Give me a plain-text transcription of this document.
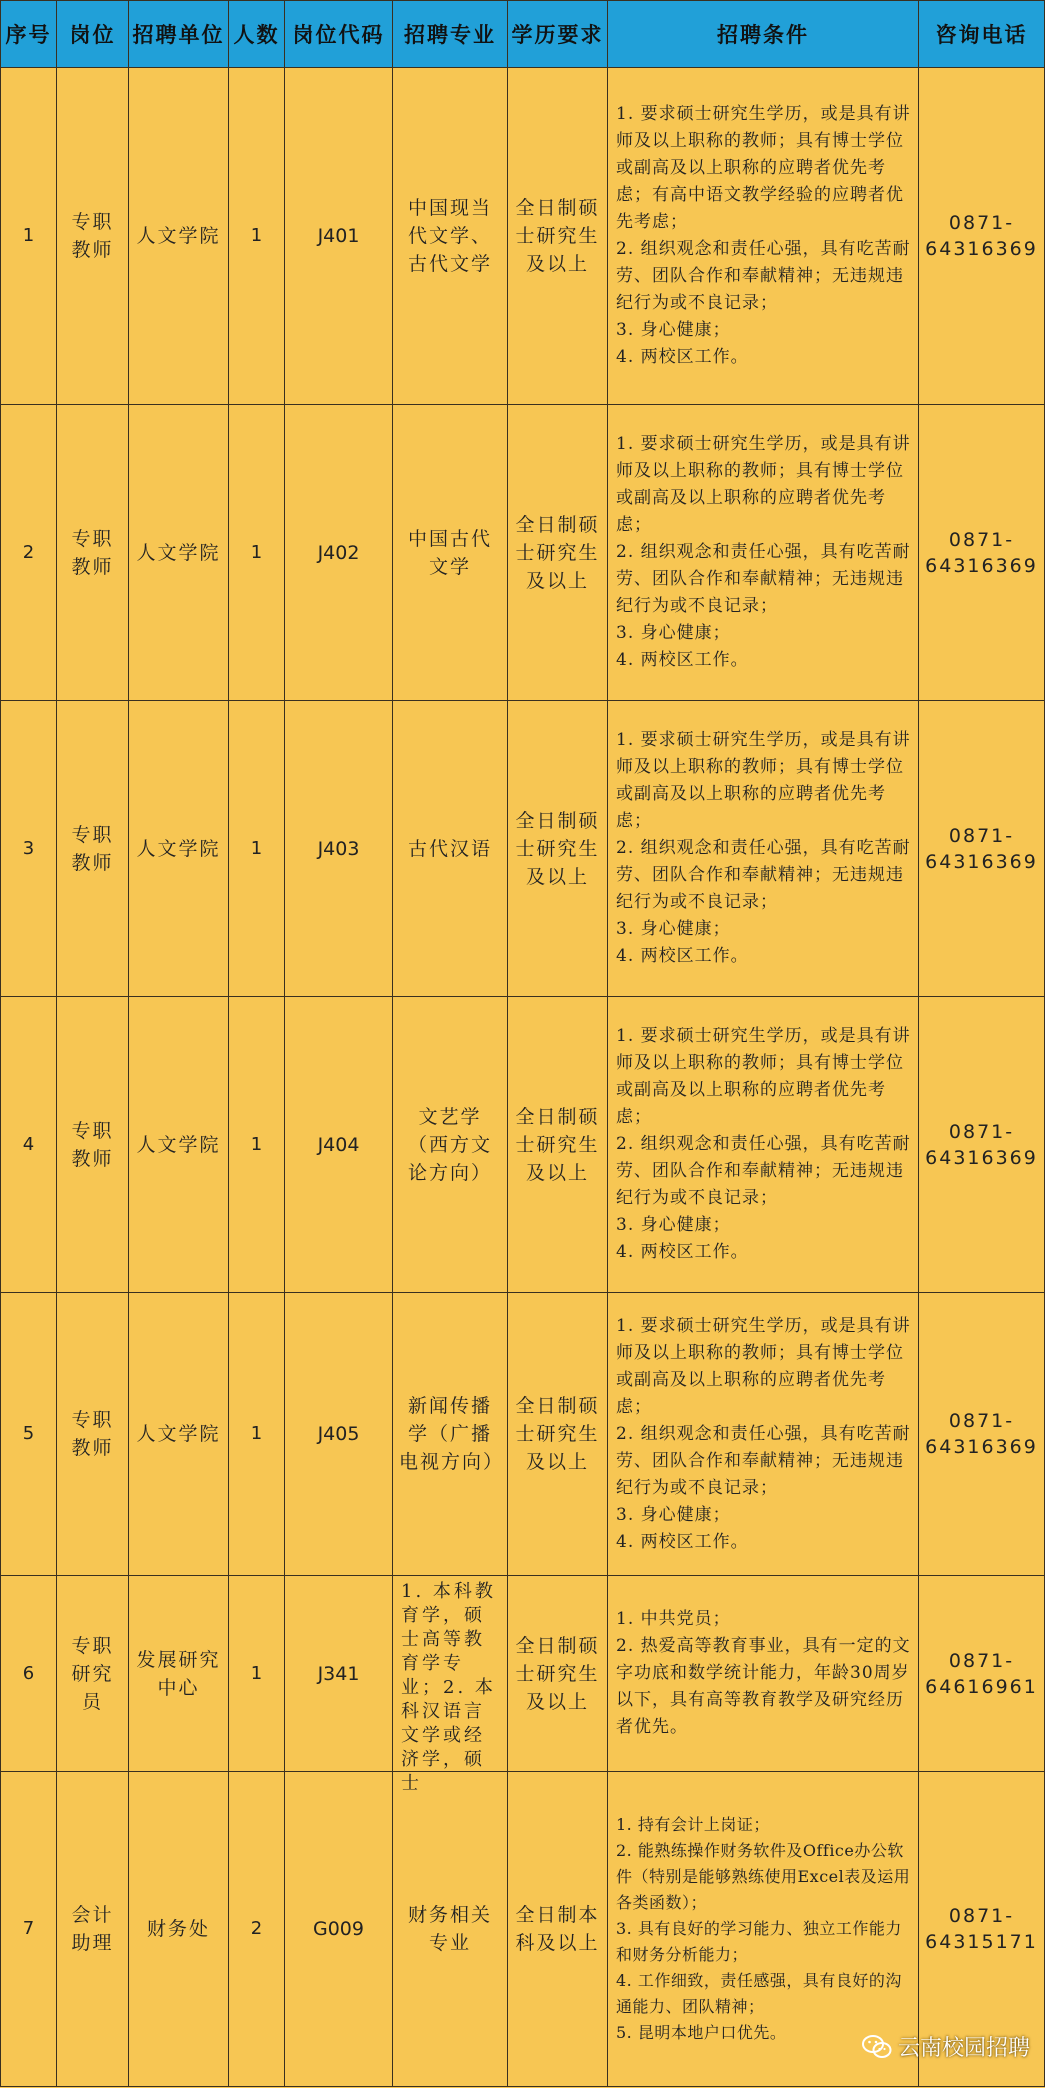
序号	岗位	招聘单位	人数	岗位代码	招聘专业	学历要求	招聘条件	咨询电话
1	专职教师	人文学院	1	J401	中国现当代文学、古代文学	全日制硕士研究生及以上	1. 要求硕士研究生学历，或是具有讲师及以上职称的教师；具有博士学位或副高及以上职称的应聘者优先考虑；有高中语文教学经验的应聘者优先考虑；
2. 组织观念和责任心强，具有吃苦耐劳、团队合作和奉献精神；无违规违纪行为或不良记录；
3. 身心健康；
4. 两校区工作。	0871-64316369
2	专职教师	人文学院	1	J402	中国古代文学	全日制硕士研究生及以上	1. 要求硕士研究生学历，或是具有讲师及以上职称的教师；具有博士学位或副高及以上职称的应聘者优先考虑；
2. 组织观念和责任心强，具有吃苦耐劳、团队合作和奉献精神；无违规违纪行为或不良记录；
3. 身心健康；
4. 两校区工作。	0871-64316369
3	专职教师	人文学院	1	J403	古代汉语	全日制硕士研究生及以上	1. 要求硕士研究生学历，或是具有讲师及以上职称的教师；具有博士学位或副高及以上职称的应聘者优先考虑；
2. 组织观念和责任心强，具有吃苦耐劳、团队合作和奉献精神；无违规违纪行为或不良记录；
3. 身心健康；
4. 两校区工作。	0871-64316369
4	专职教师	人文学院	1	J404	文艺学（西方文论方向）	全日制硕士研究生及以上	1. 要求硕士研究生学历，或是具有讲师及以上职称的教师；具有博士学位或副高及以上职称的应聘者优先考虑；
2. 组织观念和责任心强，具有吃苦耐劳、团队合作和奉献精神；无违规违纪行为或不良记录；
3. 身心健康；
4. 两校区工作。	0871-64316369
5	专职教师	人文学院	1	J405	新闻传播学（广播电视方向）	全日制硕士研究生及以上	1. 要求硕士研究生学历，或是具有讲师及以上职称的教师；具有博士学位或副高及以上职称的应聘者优先考虑；
2. 组织观念和责任心强，具有吃苦耐劳、团队合作和奉献精神；无违规违纪行为或不良记录；
3. 身心健康；
4. 两校区工作。	0871-64316369
6	专职研究员	发展研究中心	1	J341	1. 本科教育学，硕士高等教育学专业；2. 本科汉语言文学或经济学，硕士	全日制硕士研究生及以上	1. 中共党员；
2. 热爱高等教育事业，具有一定的文字功底和数学统计能力，年龄30周岁以下，具有高等教育教学及研究经历者优先。	0871-64616961
7	会计助理	财务处	2	G009	财务相关专业	全日制本科及以上	1. 持有会计上岗证；
2. 能熟练操作财务软件及Office办公软件（特别是能够熟练使用Excel表及运用各类函数）；
3. 具有良好的学习能力、独立工作能力和财务分析能力；
4. 工作细致，责任感强，具有良好的沟通能力、团队精神；
5. 昆明本地户口优先。	0871-64315171
云南校园招聘
